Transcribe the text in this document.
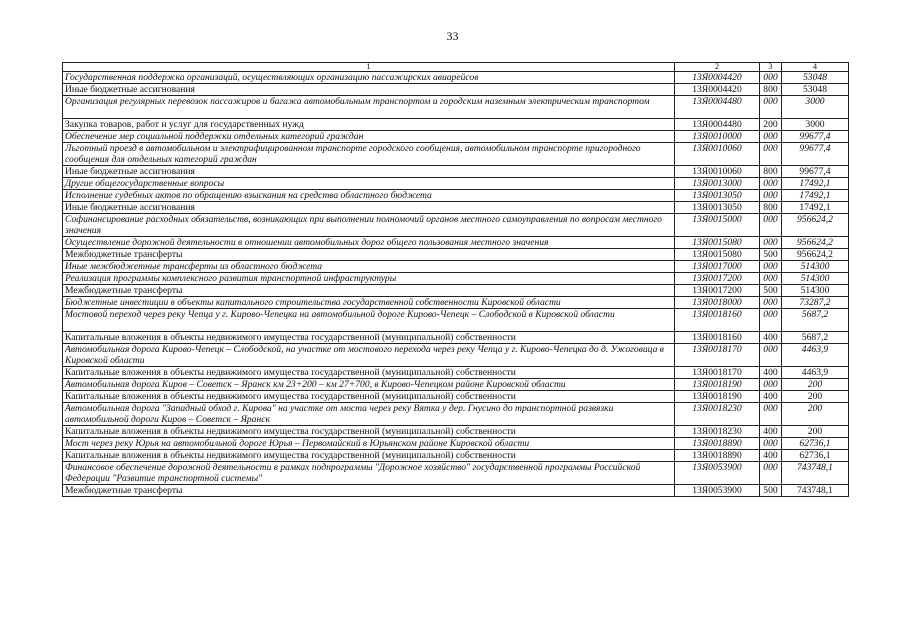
33
1	2	3	4
Государственная поддержка организаций, осуществляющих организацию пассажирских авиарейсов	13Я0004420	000	53048
Иные бюджетные ассигнования	13Я0004420	800	53048
Организация регулярных перевозок пассажиров и багажа автомобильным транспортом и городским наземным электрическим транспортом	13Я0004480	000	3000
Закупка товаров, работ и услуг для государственных нужд	13Я0004480	200	3000
Обеспечение мер социальной поддержки отдельных категорий граждан	13Я0010000	000	99677,4
Льготный проезд в автомобильном и электрифицированном транспорте городского сообщения, автомобильном транспорте пригородного сообщения для отдельных категорий граждан	13Я0010060	000	99677,4
Иные бюджетные ассигнования	13Я0010060	800	99677,4
Другие общегосударственные вопросы	13Я0013000	000	17492,1
Исполнение судебных актов по обращению взыскания на средства областного бюджета	13Я0013050	000	17492,1
Иные бюджетные ассигнования	13Я0013050	800	17492,1
Софинансирование расходных обязательств, возникающих при выполнении полномочий органов местного самоуправления по вопросам местного значения	13Я0015000	000	956624,2
Осуществление дорожной деятельности в отношении автомобильных дорог общего пользования местного значения	13Я0015080	000	956624,2
Межбюджетные трансферты	13Я0015080	500	956624,2
Иные межбюджетные трансферты из областного бюджета	13Я0017000	000	514300
Реализация программы комплексного развития транспортной инфраструктуры	13Я0017200	000	514300
Межбюджетные трансферты	13Я0017200	500	514300
Бюджетные инвестиции в объекты капитального строительства государственной собственности Кировской области	13Я0018000	000	73287,2
Мостовой переход через реку Чепца у г. Кирово-Чепецка на автомобильной дороге Кирово-Чепецк – Слободской в Кировской области	13Я0018160	000	5687,2
Капитальные вложения в объекты недвижимого имущества государственной (муниципальной) собственности	13Я0018160	400	5687,2
Автомобильная дорога Кирово-Чепецк – Слободской, на участке от мостового перехода через реку Чепца у г. Кирово-Чепецка до д. Ужоговица в Кировской области	13Я0018170	000	4463,9
Капитальные вложения в объекты недвижимого имущества государственной (муниципальной) собственности	13Я0018170	400	4463,9
Автомобильная дорога Киров – Советск – Яранск км 23+200 – км 27+700, в Кирово-Чепецком районе Кировской области	13Я0018190	000	200
Капитальные вложения в объекты недвижимого имущества государственной (муниципальной) собственности	13Я0018190	400	200
Автомобильная дорога "Западный обход г. Кирова" на участке от моста через реку Вятка у дер. Гнусино до транспортной развязки автомобильной дороги Киров – Советск – Яранск	13Я0018230	000	200
Капитальные вложения в объекты недвижимого имущества государственной (муниципальной) собственности	13Я0018230	400	200
Мост через реку Юрья на автомобильной дороге Юрья – Первомайский в Юрьянском районе Кировской области	13Я0018890	000	62736,1
Капитальные вложения в объекты недвижимого имущества государственной (муниципальной) собственности	13Я0018890	400	62736,1
Финансовое обеспечение дорожной деятельности в рамках подпрограммы "Дорожное хозяйство" государственной программы Российской Федерации "Развитие транспортной системы"	13Я0053900	000	743748,1
Межбюджетные трансферты	13Я0053900	500	743748,1
